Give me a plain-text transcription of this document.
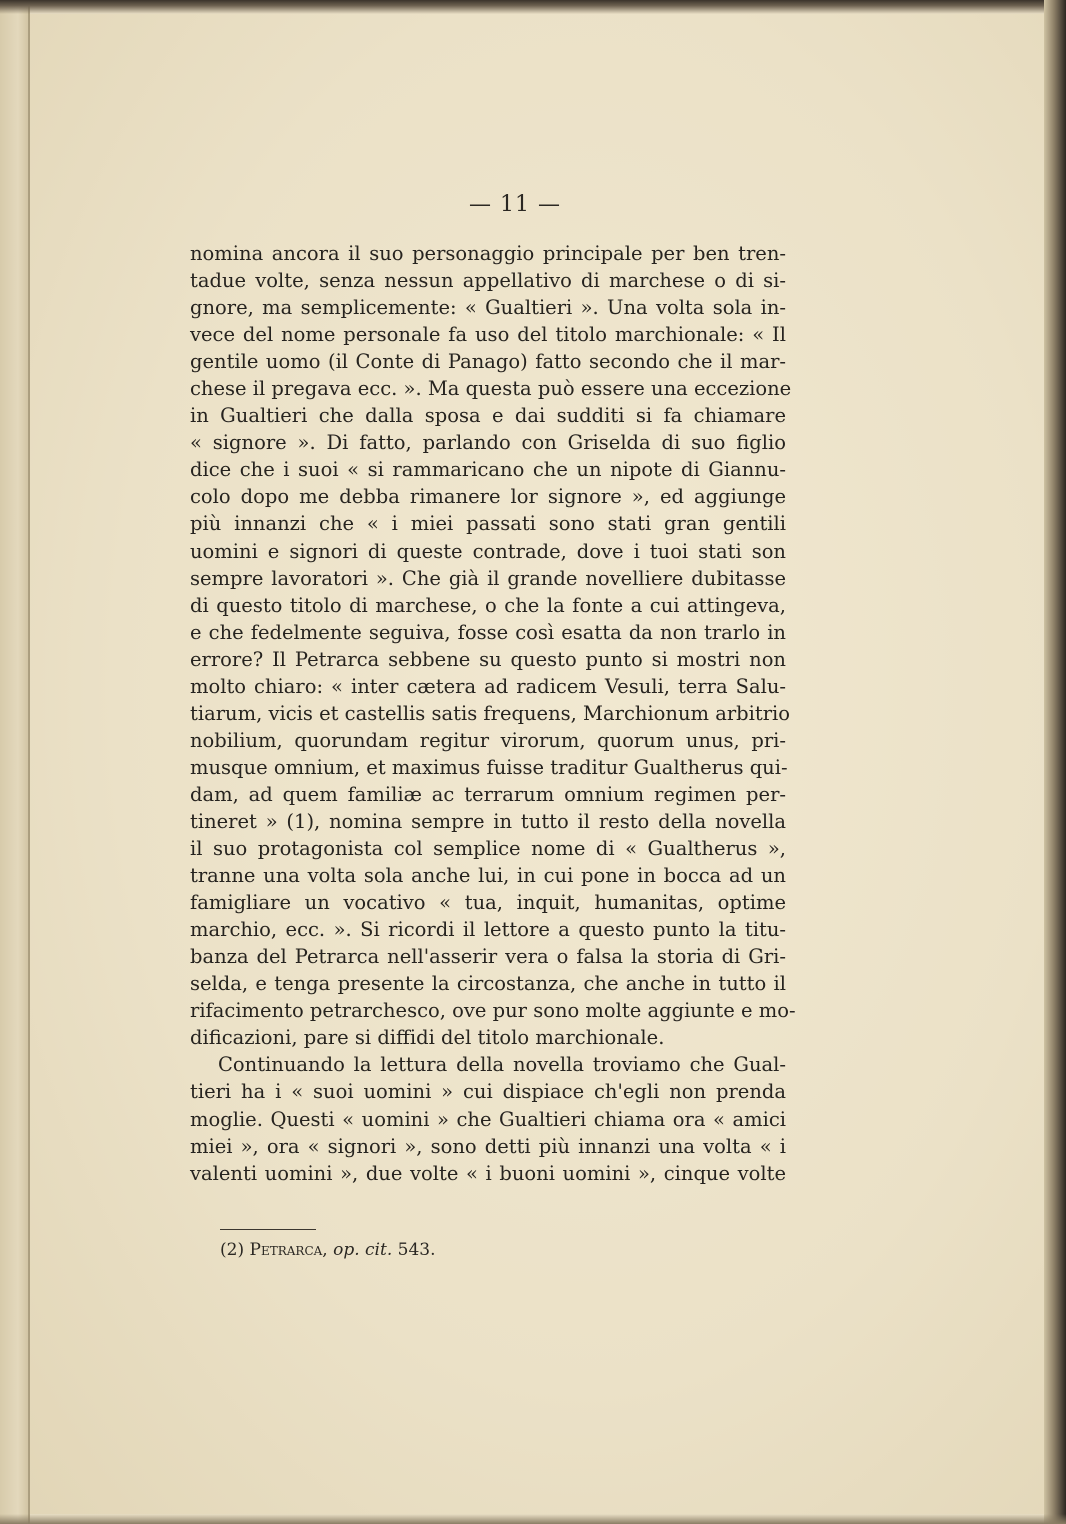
— 11 —
nomina ancora il suo personaggio principale per ben tren-
tadue volte, senza nessun appellativo di marchese o di si-
gnore, ma semplicemente: « Gualtieri ». Una volta sola in-
vece del nome personale fa uso del titolo marchionale: « Il
gentile uomo (il Conte di Panago) fatto secondo che il mar-
chese il pregava ecc. ». Ma questa può essere una eccezione
in Gualtieri che dalla sposa e dai sudditi si fa chiamare
« signore ». Di fatto, parlando con Griselda di suo figlio
dice che i suoi « si rammaricano che un nipote di Giannu-
colo dopo me debba rimanere lor signore », ed aggiunge
più innanzi che « i miei passati sono stati gran gentili
uomini e signori di queste contrade, dove i tuoi stati son
sempre lavoratori ». Che già il grande novelliere dubitasse
di questo titolo di marchese, o che la fonte a cui attingeva,
e che fedelmente seguiva, fosse così esatta da non trarlo in
errore? Il Petrarca sebbene su questo punto si mostri non
molto chiaro: « inter cætera ad radicem Vesuli, terra Salu-
tiarum, vicis et castellis satis frequens, Marchionum arbitrio
nobilium, quorundam regitur virorum, quorum unus, pri-
musque omnium, et maximus fuisse traditur Gualtherus qui-
dam, ad quem familiæ ac terrarum omnium regimen per-
tineret » (1), nomina sempre in tutto il resto della novella
il suo protagonista col semplice nome di « Gualtherus »,
tranne una volta sola anche lui, in cui pone in bocca ad un
famigliare un vocativo « tua, inquit, humanitas, optime
marchio, ecc. ». Si ricordi il lettore a questo punto la titu-
banza del Petrarca nell'asserir vera o falsa la storia di Gri-
selda, e tenga presente la circostanza, che anche in tutto il
rifacimento petrarchesco, ove pur sono molte aggiunte e mo-
dificazioni, pare si diffidi del titolo marchionale.
Continuando la lettura della novella troviamo che Gual-
tieri ha i « suoi uomini » cui dispiace ch'egli non prenda
moglie. Questi « uomini » che Gualtieri chiama ora « amici
miei », ora « signori », sono detti più innanzi una volta « i
valenti uomini », due volte « i buoni uomini », cinque volte
(2) Petrarca, op. cit. 543.
